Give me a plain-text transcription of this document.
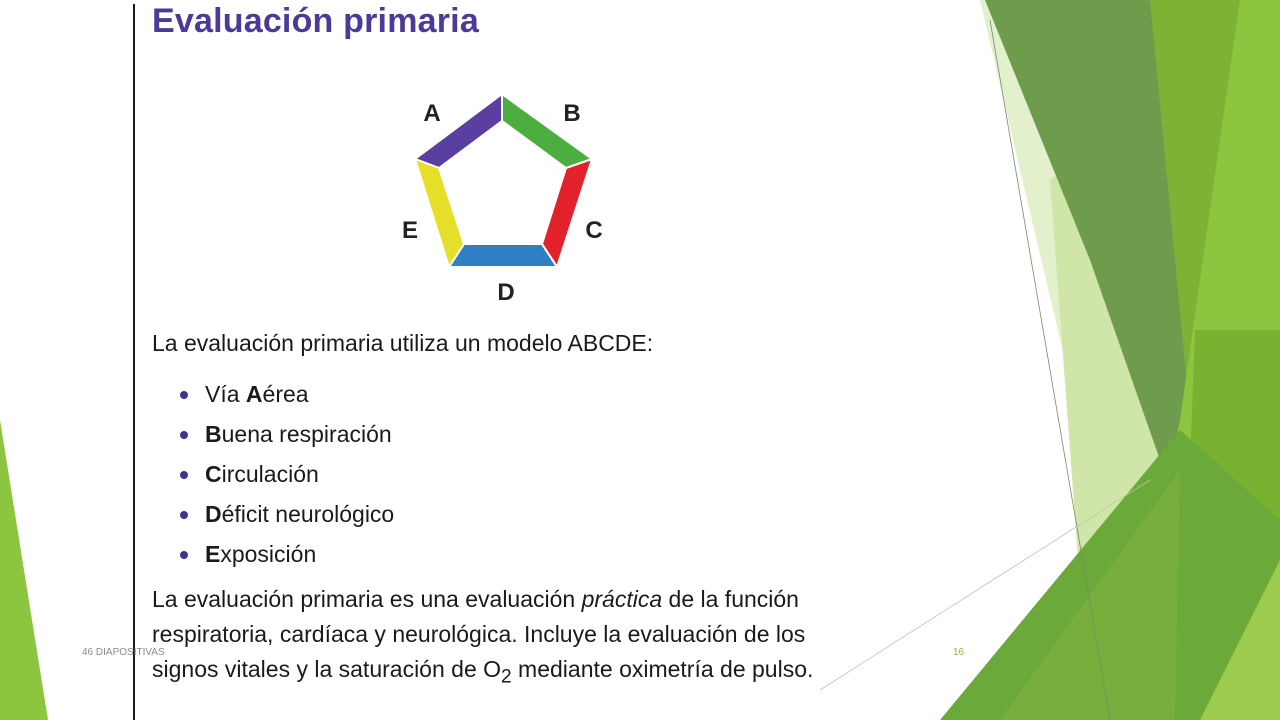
Evaluación primaria
A	B
C
D
E

La evaluación primaria utiliza un modelo ABCDE:

Vía Aérea
Buena respiración
Circulación
Déficit neurológico
Exposición

La evaluación primaria es una evaluación práctica de la función respiratoria, cardíaca y neurológica. Incluye la evaluación de los signos vitales y la saturación de $O_2$ mediante oximetría de pulso.

46 DIAPOSITIVAS	16
